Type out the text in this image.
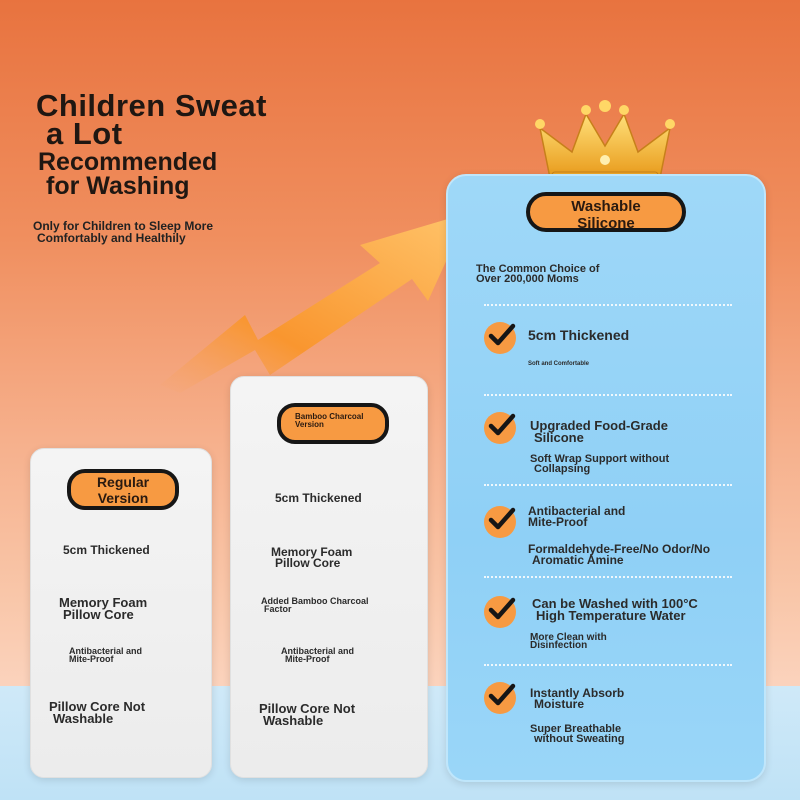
Children Sweat
a Lot
Recommended
for Washing
Only for Children to Sleep More
Comfortably and Healthily
Regular
Version
5cm Thickened
Memory Foam
Pillow Core
Antibacterial and
Mite-Proof
Pillow Core Not
Washable
Bamboo Charcoal
Version
5cm Thickened
Memory Foam
Pillow Core
Added Bamboo Charcoal
Factor
Antibacterial and
Mite-Proof
Pillow Core Not
Washable
Washable
Silicone
The Common Choice of
Over 200,000 Moms
5cm Thickened
Soft and Comfortable
Upgraded Food-Grade
Silicone
Soft Wrap Support without
Collapsing
Antibacterial and
Mite-Proof
Formaldehyde-Free/No Odor/No
Aromatic Amine
Can be Washed with 100°C
High Temperature Water
More Clean with
Disinfection
Instantly Absorb
Moisture
Super Breathable
without Sweating
